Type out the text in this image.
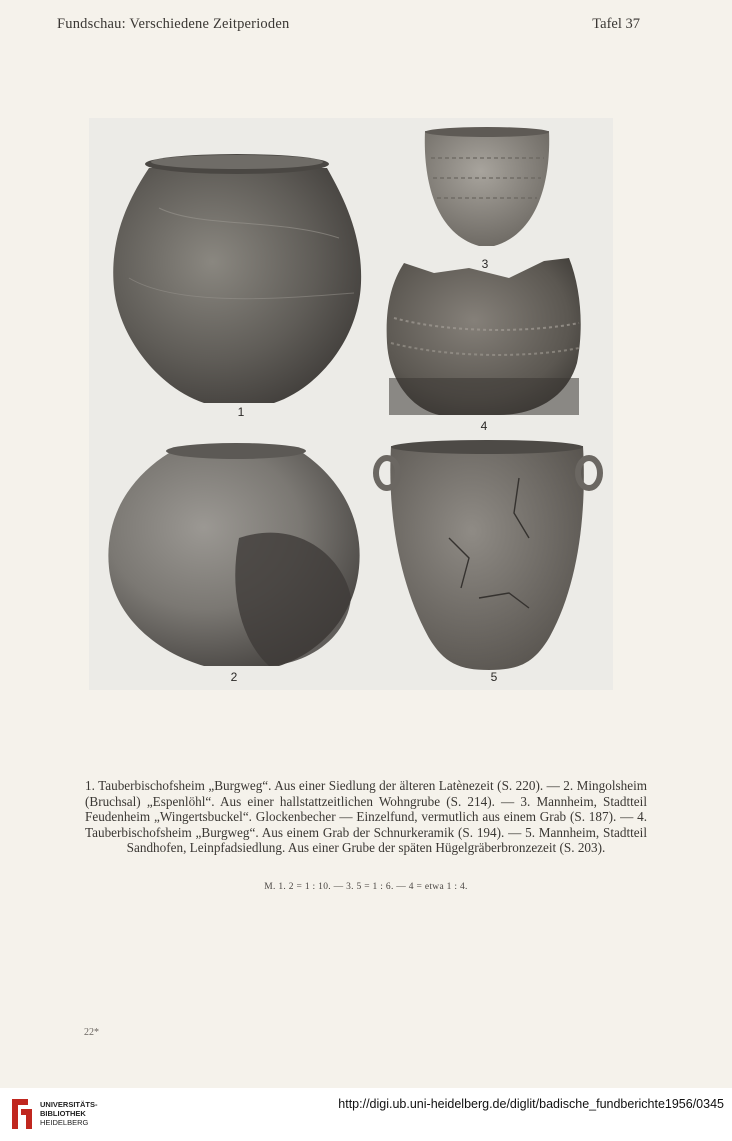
Fundschau: Verschiedene Zeitperioden	Tafel 37
1
2
3
4
5
1. Tauberbischofsheim „Burgweg“. Aus einer Siedlung der älteren Latènezeit (S. 220). — 2. Mingolsheim (Bruchsal) „Espenlöhl“. Aus einer hallstattzeitlichen Wohngrube (S. 214). — 3. Mannheim, Stadtteil Feudenheim „Wingertsbuckel“. Glockenbecher — Einzelfund, vermutlich aus einem Grab (S. 187). — 4. Tauberbischofsheim „Burgweg“. Aus einem Grab der Schnurkeramik (S. 194). — 5. Mannheim, Stadtteil Sandhofen, Leinpfadsiedlung. Aus einer Grube der späten Hügelgräberbronzezeit (S. 203).
M. 1. 2 = 1 : 10. — 3. 5 = 1 : 6. — 4 = etwa 1 : 4.
22*
UNIVERSITÄTS-
BIBLIOTHEK
HEIDELBERG
http://digi.ub.uni-heidelberg.de/diglit/badische_fundberichte1956/0345
